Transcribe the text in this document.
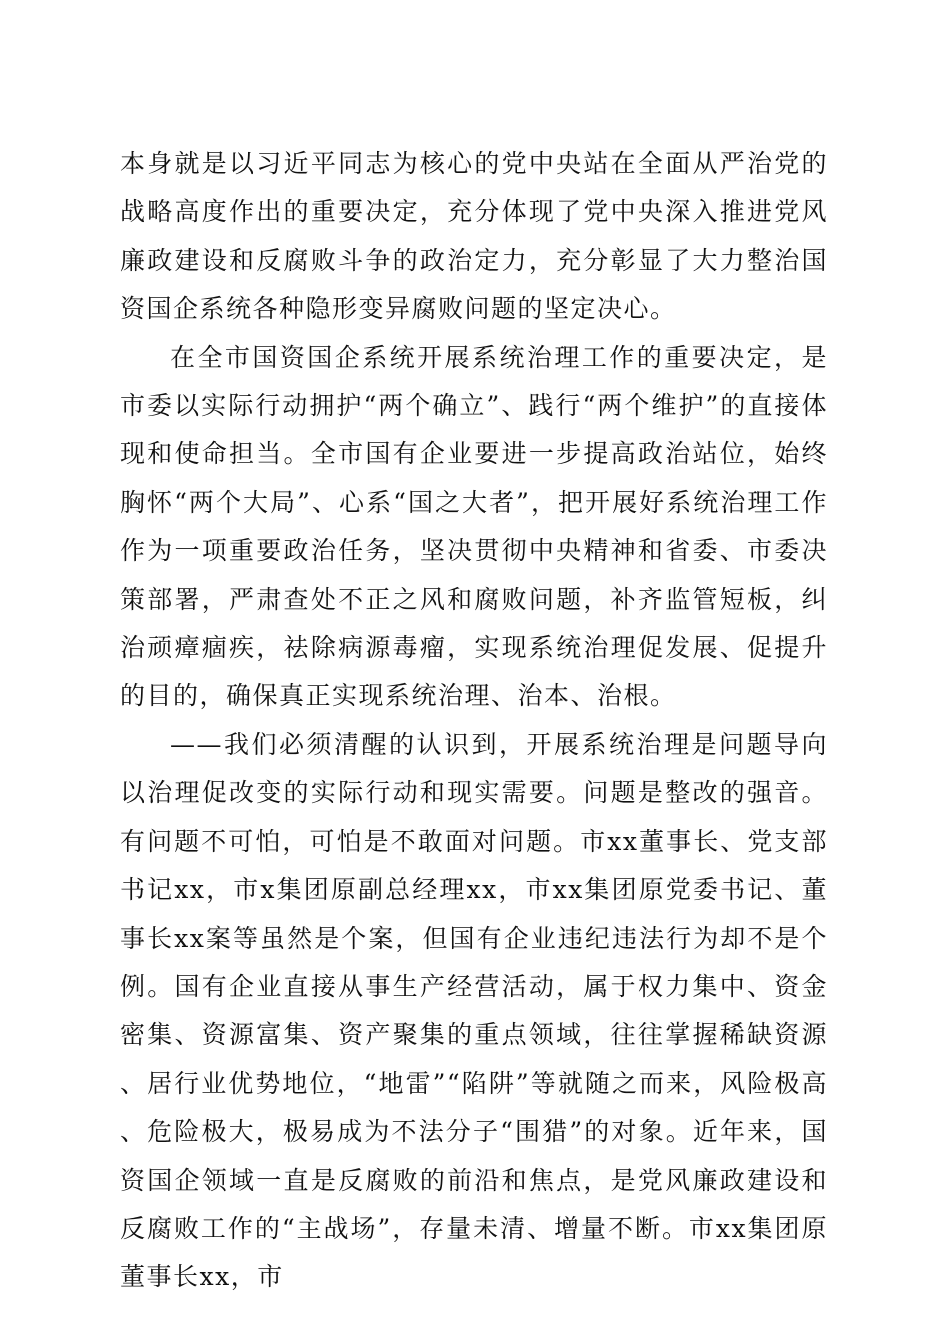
本身就是以习近平同志为核心的党中央站在全面从严治党的战略高度作出的重要决定，充分体现了党中央深入推进党风廉政建设和反腐败斗争的政治定力，充分彰显了大力整治国资国企系统各种隐形变异腐败问题的坚定决心。

在全市国资国企系统开展系统治理工作的重要决定，是市委以实际行动拥护“两个确立”、践行“两个维护”的直接体现和使命担当。全市国有企业要进一步提高政治站位，始终胸怀“两个大局”、心系“国之大者”，把开展好系统治理工作作为一项重要政治任务，坚决贯彻中央精神和省委、市委决策部署，严肃查处不正之风和腐败问题，补齐监管短板，纠治顽瘴痼疾，祛除病源毒瘤，实现系统治理促发展、促提升的目的，确保真正实现系统治理、治本、治根。

——我们必须清醒的认识到，开展系统治理是问题导向以治理促改变的实际行动和现实需要。问题是整改的强音。有问题不可怕，可怕是不敢面对问题。市xx董事长、党支部书记xx，市x集团原副总经理xx，市xx集团原党委书记、董事长xx案等虽然是个案，但国有企业违纪违法行为却不是个例。国有企业直接从事生产经营活动，属于权力集中、资金密集、资源富集、资产聚集的重点领域，往往掌握稀缺资源、居行业优势地位，“地雷”“陷阱”等就随之而来，风险极高、危险极大，极易成为不法分子“围猎”的对象。近年来，国资国企领域一直是反腐败的前沿和焦点，是党风廉政建设和反腐败工作的“主战场”，存量未清、增量不断。市xx集团原董事长xx，市
